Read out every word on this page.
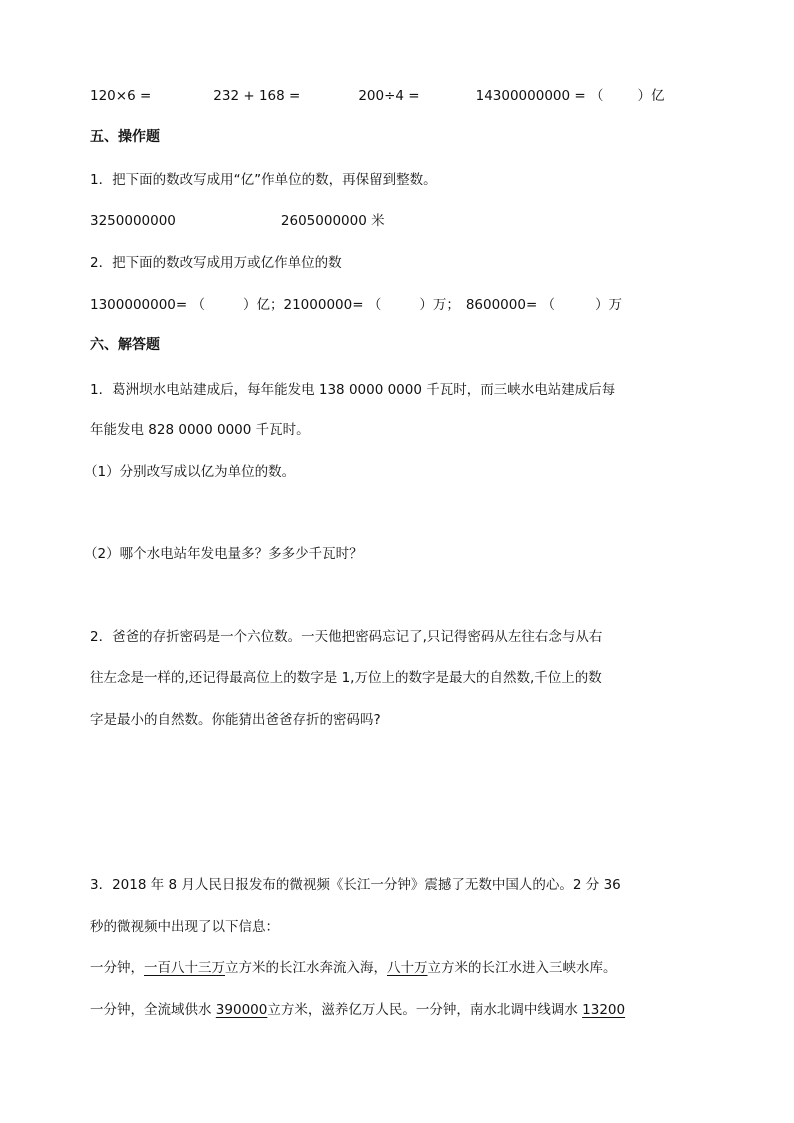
120×6 =	232 + 168 =	200÷4 =	14300000000 = （	）亿
五、操作题
1．把下面的数改写成用“亿”作单位的数，再保留到整数。
3250000000	2605000000 米
2．把下面的数改写成用万或亿作单位的数
1300000000= （	）亿；21000000= （	）万； 8600000= （	）万
六、解答题
1．葛洲坝水电站建成后，每年能发电 138 0000 0000 千瓦时，而三峡水电站建成后每
年能发电 828 0000 0000 千瓦时。
（1）分别改写成以亿为单位的数。
（2）哪个水电站年发电量多？多多少千瓦时？
2．爸爸的存折密码是一个六位数。一天他把密码忘记了,只记得密码从左往右念与从右
往左念是一样的,还记得最高位上的数字是 1,万位上的数字是最大的自然数,千位上的数
字是最小的自然数。你能猜出爸爸存折的密码吗?
3．2018 年 8 月人民日报发布的微视频《长江一分钟》震撼了无数中国人的心。2 分 36
秒的微视频中出现了以下信息：
一分钟，一百八十三万立方米的长江水奔流入海，八十万立方米的长江水进入三峡水库。
一分钟，全流域供水 390000立方米，滋养亿万人民。一分钟，南水北调中线调水 13200
